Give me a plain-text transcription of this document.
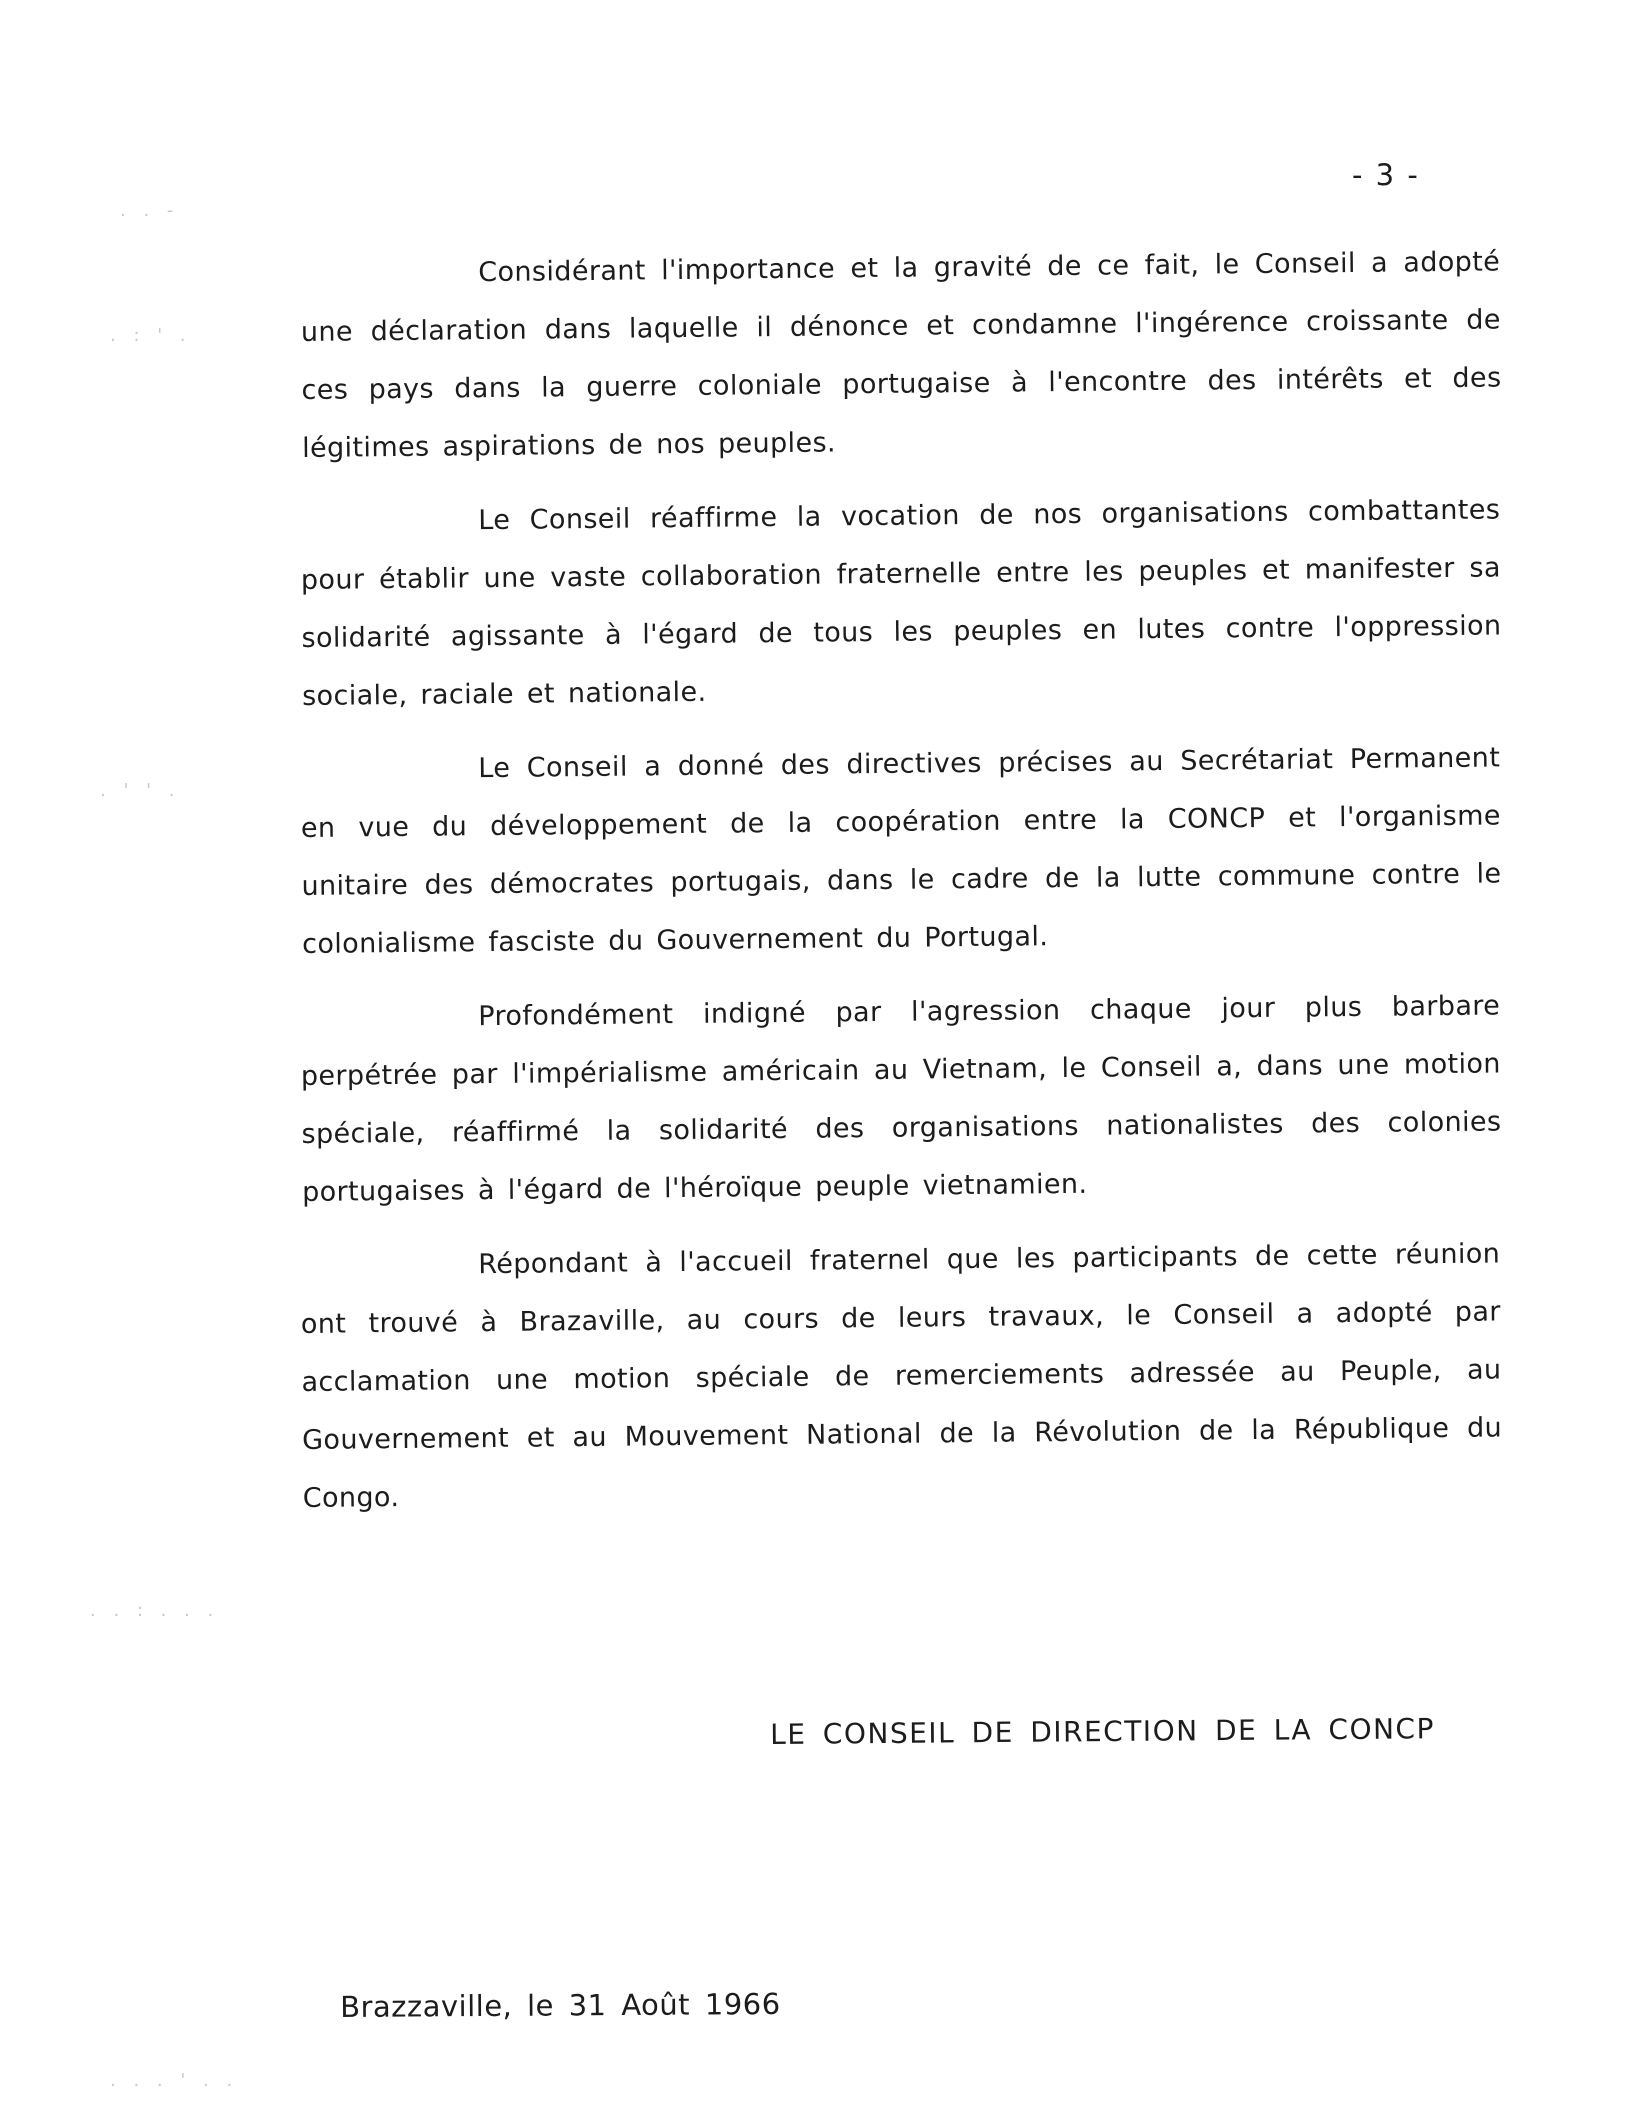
- 3 -

Considérant l'importance et la gravité de ce fait, le Conseil a adopté une déclaration dans laquelle il dénonce et condamne l'ingérence croissante de ces pays dans la guerre coloniale portugaise à l'encontre des intérêts et des légitimes aspirations de nos peuples.

Le Conseil réaffirme la vocation de nos organisations combattantes pour établir une vaste collaboration fraternelle entre les peuples et manifester sa solidarité agissante à l'égard de tous les peuples en lutes contre l'oppression sociale, raciale et nationale.

Le Conseil a donné des directives précises au Secrétariat Permanent en vue du développement de la coopération entre la CONCP et l'organisme unitaire des démocrates portugais, dans le cadre de la lutte commune contre le colonialisme fasciste du Gouvernement du Portugal.

Profondément indigné par l'agression chaque jour plus barbare perpétrée par l'impérialisme américain au Vietnam, le Conseil a, dans une motion spéciale, réaffirmé la solidarité des organisations nationalistes des colonies portugaises à l'égard de l'héroïque peuple vietnamien.

Répondant à l'accueil fraternel que les participants de cette réunion ont trouvé à Brazaville, au cours de leurs travaux, le Conseil a adopté par acclamation une motion spéciale de remerciements adressée au Peuple, au Gouvernement et au Mouvement National de la Révolution de la République du Congo.

LE CONSEIL DE DIRECTION DE LA CONCP
Brazzaville, le 31 Août 1966
. . -
. : ' .
. ' ' .
. . : . . .
. . . ' . .
